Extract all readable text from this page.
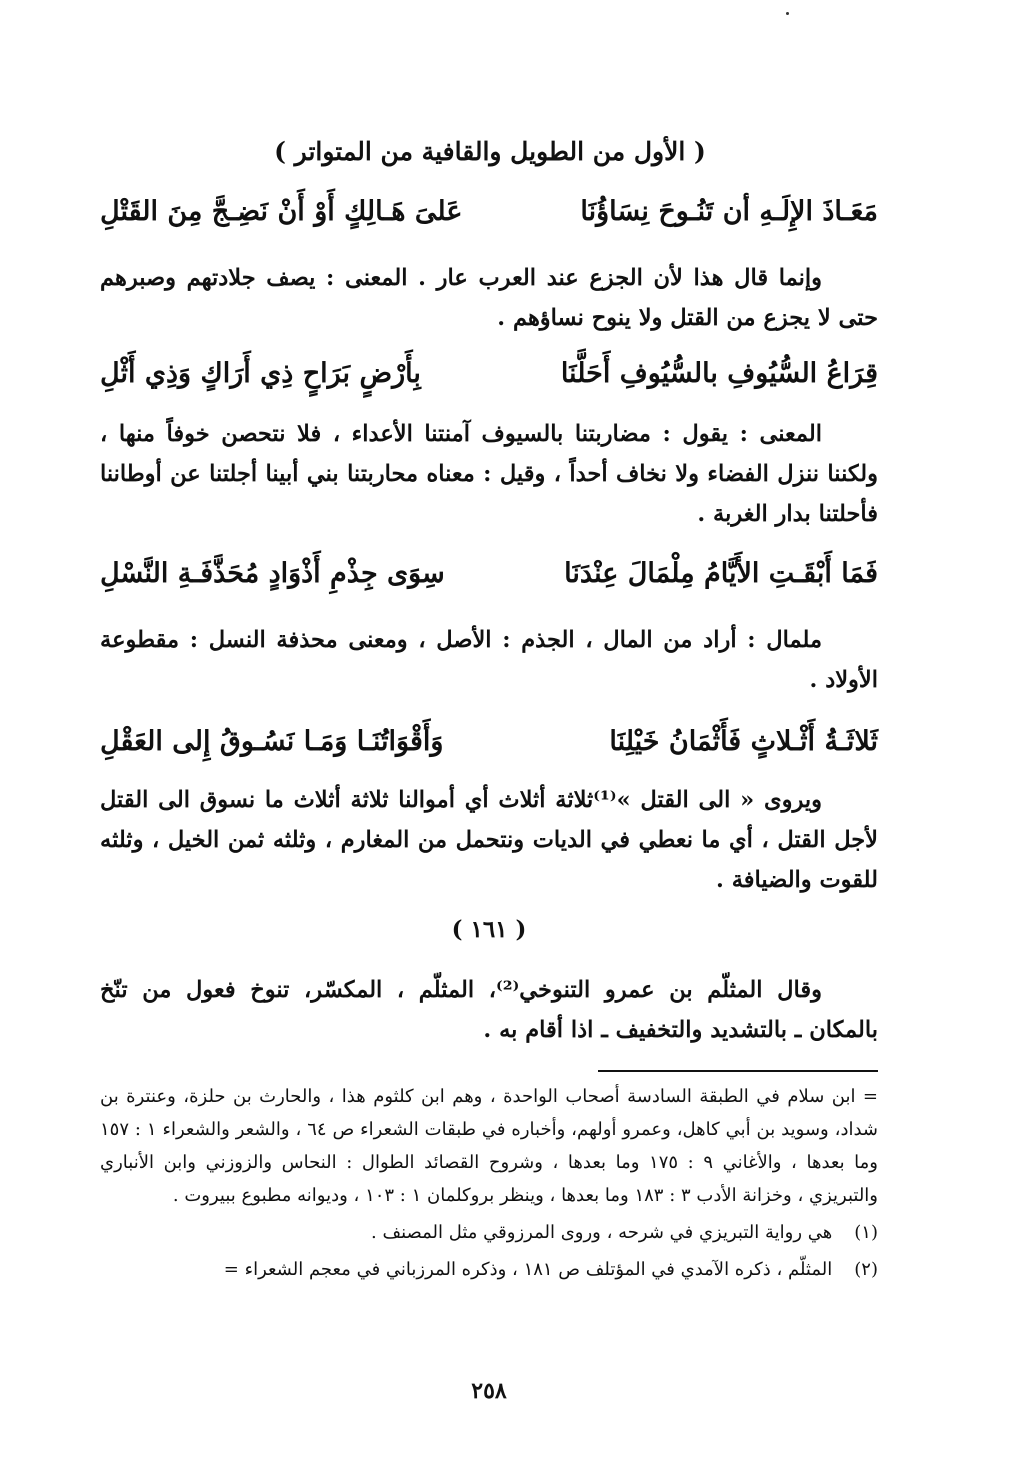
( الأول من الطويل والقافية من المتواتر )
مَعَـاذَ الإِلَـهِ أن تَنُـوحَ نِسَاؤُنَا
عَلىَ هَـالِكٍ أَوْ أَنْ نَضِـجَّ مِنَ القَتْلِ

وإنما قال هذا لأن الجزع عند العرب عار . المعنى : يصف جلادتهم وصبرهم حتى لا يجزع من القتل ولا ينوح نساؤهم .

قِرَاعُ السُّيُوفِ بالسُّيُوفِ أَحَلَّنَا
بِأَرْضٍ بَرَاحٍ ذِي أَرَاكٍ وَذِي أَثْلِ

المعنى : يقول : مضاربتنا بالسيوف آمنتنا الأعداء ، فلا نتحصن خوفاً منها ، ولكننا ننزل الفضاء ولا نخاف أحداً ، وقيل : معناه محاربتنا بني أبينا أجلتنا عن أوطاننا فأحلتنا بدار الغربة .

فَمَا أَبْقَـتِ الأَيَّامُ مِلْمَالَ عِنْدَنَا
سِوَى جِذْمِ أَذْوَادٍ مُحَذَّفَـةِ النَّسْلِ

ملمال : أراد من المال ، الجذم : الأصل ، ومعنى محذفة النسل : مقطوعة الأولاد .

ثَلاثَـةُ أَثْـلاثٍ فَأَثْمَانُ خَيْلِنَا
وَأَقْوَاتُنَـا وَمَـا نَسُـوقُ إِلى العَقْلِ

ويروى « الى القتل »⁽¹⁾ثلاثة أثلاث أي أموالنا ثلاثة أثلاث ما نسوق الى القتل لأجل القتل ، أي ما نعطي في الديات ونتحمل من المغارم ، وثلثه ثمن الخيل ، وثلثه للقوت والضيافة .

( ١٦١ )

وقال المثلّم بن عمرو التنوخي⁽²⁾، المثلّم ، المكسّر، تنوخ فعول من تنّخ بالمكان ـ بالتشديد والتخفيف ـ اذا أقام به .

= ابن سلام في الطبقة السادسة أصحاب الواحدة ، وهم ابن كلثوم هذا ، والحارث بن حلزة، وعنترة بن شداد، وسويد بن أبي كاهل، وعمرو أولهم، وأخباره في طبقات الشعراء ص ٦٤ ، والشعر والشعراء ١ : ١٥٧ وما بعدها ، والأغاني ٩ : ١٧٥ وما بعدها ، وشروح القصائد الطوال : النحاس والزوزني وابن الأنباري والتبريزي ، وخزانة الأدب ٣ : ١٨٣ وما بعدها ، وينظر بروكلمان ١ : ١٠٣ ، وديوانه مطبوع ببيروت .

(١) هي رواية التبريزي في شرحه ، وروى المرزوقي مثل المصنف .

(٢) المثلّم ، ذكره الآمدي في المؤتلف ص ١٨١ ، وذكره المرزباني في معجم الشعراء =

٢٥٨
